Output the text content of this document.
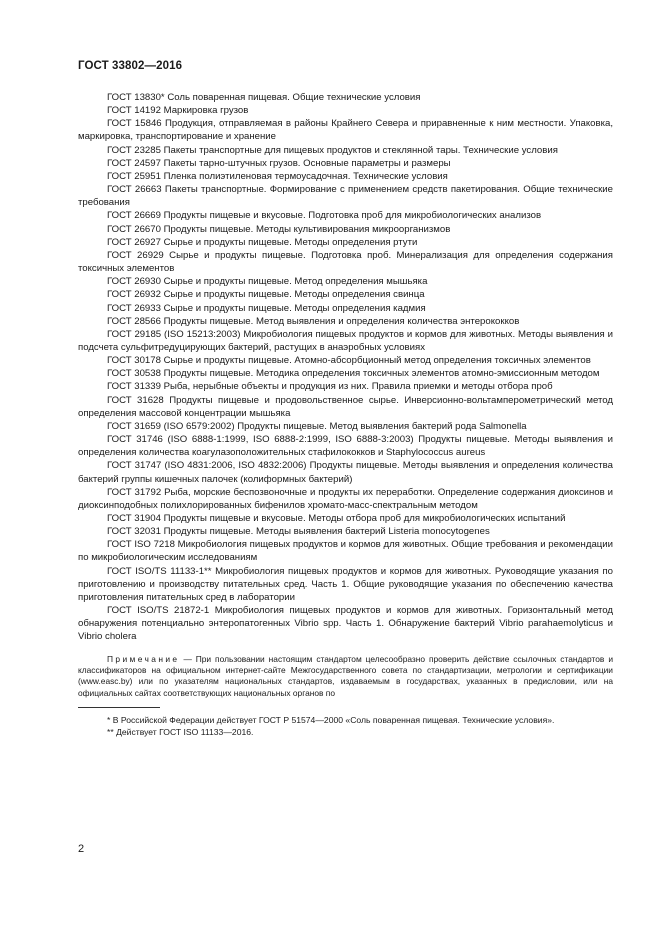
ГОСТ 33802—2016

ГОСТ 13830* Соль поваренная пищевая. Общие технические условия

ГОСТ 14192 Маркировка грузов

ГОСТ 15846 Продукция, отправляемая в районы Крайнего Севера и приравненные к ним местности. Упаковка, маркировка, транспортирование и хранение

ГОСТ 23285 Пакеты транспортные для пищевых продуктов и стеклянной тары. Технические условия

ГОСТ 24597 Пакеты тарно-штучных грузов. Основные параметры и размеры

ГОСТ 25951 Пленка полиэтиленовая термоусадочная. Технические условия

ГОСТ 26663 Пакеты транспортные. Формирование с применением средств пакетирования. Общие технические требования

ГОСТ 26669 Продукты пищевые и вкусовые. Подготовка проб для микробиологических анализов

ГОСТ 26670 Продукты пищевые. Методы культивирования микроорганизмов

ГОСТ 26927 Сырье и продукты пищевые. Методы определения ртути

ГОСТ 26929 Сырье и продукты пищевые. Подготовка проб. Минерализация для определения содержания токсичных элементов

ГОСТ 26930 Сырье и продукты пищевые. Метод определения мышьяка

ГОСТ 26932 Сырье и продукты пищевые. Методы определения свинца

ГОСТ 26933 Сырье и продукты пищевые. Методы определения кадмия

ГОСТ 28566 Продукты пищевые. Метод выявления и определения количества энтерококков

ГОСТ 29185 (ISO 15213:2003) Микробиология пищевых продуктов и кормов для животных. Методы выявления и подсчета сульфитредуцирующих бактерий, растущих в анаэробных условиях

ГОСТ 30178 Сырье и продукты пищевые. Атомно-абсорбционный метод определения токсичных элементов

ГОСТ 30538 Продукты пищевые. Методика определения токсичных элементов атомно-эмиссионным методом

ГОСТ 31339 Рыба, нерыбные объекты и продукция из них. Правила приемки и методы отбора проб

ГОСТ 31628 Продукты пищевые и продовольственное сырье. Инверсионно-вольтамперометрический метод определения массовой концентрации мышьяка

ГОСТ 31659 (ISO 6579:2002) Продукты пищевые. Метод выявления бактерий рода Salmonella

ГОСТ 31746 (ISO 6888-1:1999, ISO 6888-2:1999, ISO 6888-3:2003) Продукты пищевые. Методы выявления и определения количества коагулазоположительных стафилококков и Staphylococcus aureus

ГОСТ 31747 (ISO 4831:2006, ISO 4832:2006) Продукты пищевые. Методы выявления и определения количества бактерий группы кишечных палочек (колиформных бактерий)

ГОСТ 31792 Рыба, морские беспозвоночные и продукты их переработки. Определение содержания диоксинов и диоксинподобных полихлорированных бифенилов хромато-масс-спектральным методом

ГОСТ 31904 Продукты пищевые и вкусовые. Методы отбора проб для микробиологических испытаний

ГОСТ 32031 Продукты пищевые. Методы выявления бактерий Listeria monocytogenes

ГОСТ ISO 7218 Микробиология пищевых продуктов и кормов для животных. Общие требования и рекомендации по микробиологическим исследованиям

ГОСТ ISO/TS 11133-1** Микробиология пищевых продуктов и кормов для животных. Руководящие указания по приготовлению и производству питательных сред. Часть 1. Общие руководящие указания по обеспечению качества приготовления питательных сред в лаборатории

ГОСТ ISO/TS 21872-1 Микробиология пищевых продуктов и кормов для животных. Горизонтальный метод обнаружения потенциально энтеропатогенных Vibrio spp. Часть 1. Обнаружение бактерий Vibrio parahaemolyticus и Vibrio cholera

Примечание — При пользовании настоящим стандартом целесообразно проверить действие ссылочных стандартов и классификаторов на официальном интернет-сайте Межгосударственного совета по стандартизации, метрологии и сертификации (www.easc.by) или по указателям национальных стандартов, издаваемым в государствах, указанных в предисловии, или на официальных сайтах соответствующих национальных органов по

* В Российской Федерации действует ГОСТ Р 51574—2000 «Соль поваренная пищевая. Технические условия».

** Действует ГОСТ ISO 11133—2016.

2
